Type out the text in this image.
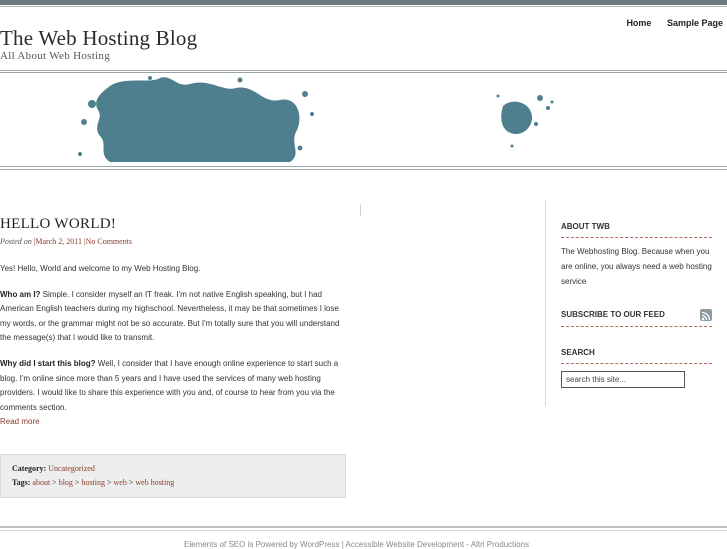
The Web Hosting Blog
All About Web Hosting
Home Sample Page
HELLO WORLD!
Posted on |March 2, 2011 |No Comments

Yes! Hello, World and welcome to my Web Hosting Blog.

Who am I? Simple. I consider myself an IT freak. I'm not native English speaking, but I had American English teachers during my highschool. Nevertheless, it may be that sometimes I lose my words, or the grammar might not be so accurate. But I'm totally sure that you will understand the message(s) that I would like to transmit.

Why did I start this blog? Well, I consider that I have enough online experience to start such a blog. I'm online since more than 5 years and I have used the services of many web hosting providers. I would like to share this experience with you and, of course to hear from you via the comments section.
Read more

Category: Uncategorized
Tags: about > blog > hosting > web > web hosting
ABOUT TWB
The Webhosting Blog. Because when you are online, you always need a web hosting service
SUBSCRIBE TO OUR FEED
SEARCH
search this site...
Elements of SEO is Powered by WordPress | Accessible Website Development - Altri Productions
